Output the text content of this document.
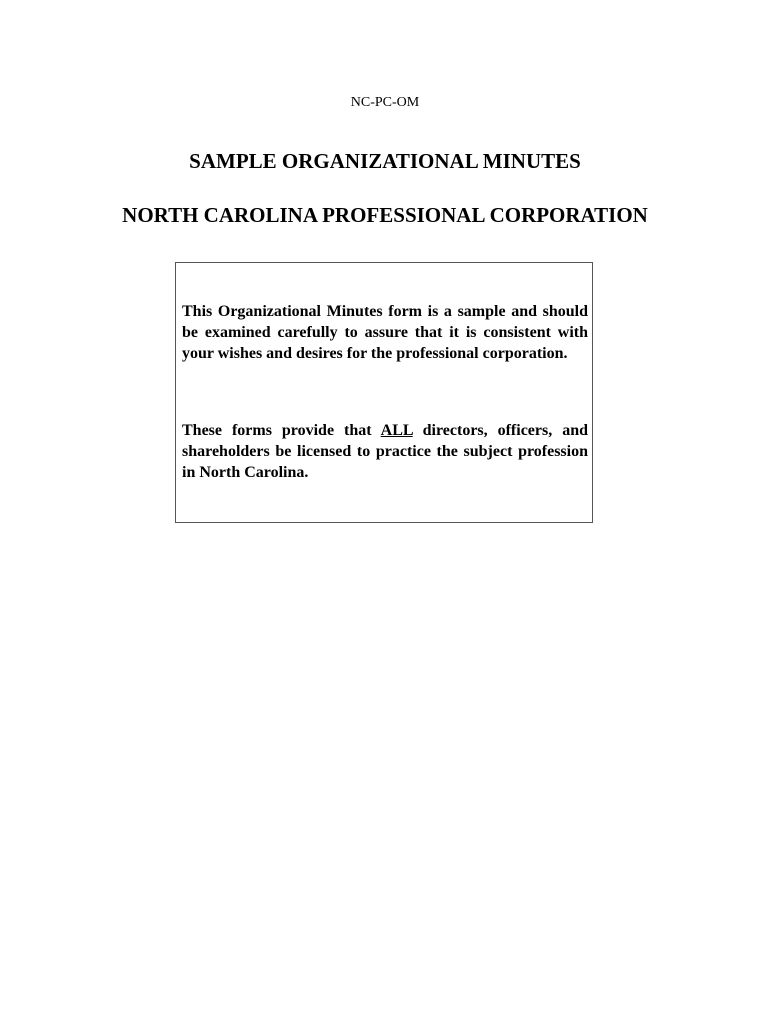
NC-PC-OM
SAMPLE ORGANIZATIONAL MINUTES
NORTH CAROLINA PROFESSIONAL CORPORATION

This Organizational Minutes form is a sample and should be examined carefully to assure that it is consistent with your wishes and desires for the professional corporation.

These forms provide that ALL directors, officers, and shareholders be licensed to practice the subject profession in North Carolina.
